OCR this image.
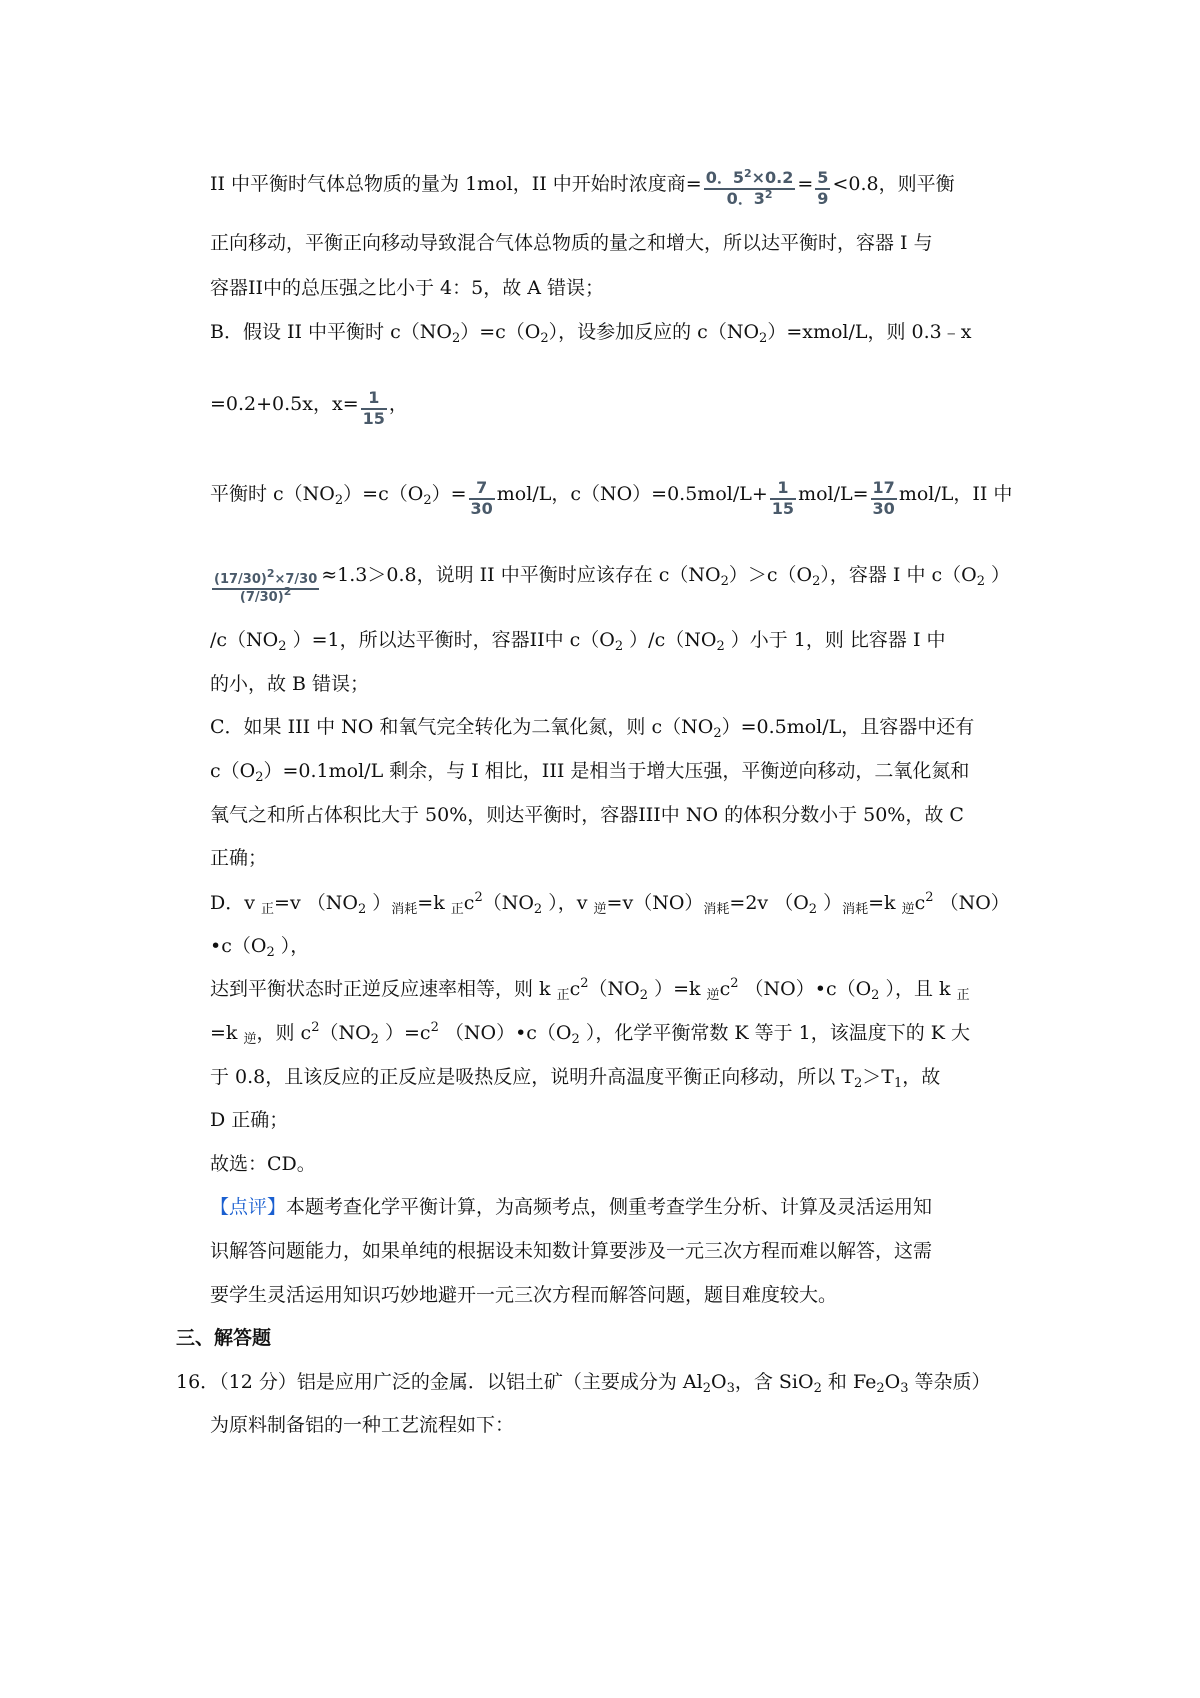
II 中平衡时气体总物质的量为 1mol，II 中开始时浓度商= $\frac{0.5^2\times 0.2}{0.3^2} = \frac{5}{9} <0.8$，则平衡
正向移动，平衡正向移动导致混合气体总物质的量之和增大，所以达平衡时，容器 I 与
容器II中的总压强之比小于 4：5，故 A 错误；
B．假设 II 中平衡时 $c(NO_2)=c(O_2)$，设参加反应的 $c(NO_2)=xmol/L$，则 0.3﹣x
=0.2+0.5x，$x= \frac{1}{15}$ ，
平衡时 $c(NO_2)=c(O_2)= \frac{7}{30} mol/L$，$c(NO)=0.5mol/L+ \frac{1}{15} mol/L= \frac{17}{30} mol/L$，II 中
$\frac{(17/30)^2\times 7/30}{(7/30)^2} \approx 1.3>0.8$，说明 II 中平衡时应该存在 $c(NO_2)>c(O_2)$，容器 I 中 $c(O_2$ ）
$/c(NO_2$ ）=1，所以达平衡时，容器II中 $c(O_2$ ）$/c(NO_2$ ）小于 1，则 比容器 I 中
的小，故 B 错误；
C．如果 III 中 NO 和氧气完全转化为二氧化氮，则 $c(NO_2)=0.5mol/L$，且容器中还有
$c(O_2)=0.1mol/L$ 剩余，与 I 相比，III 是相当于增大压强，平衡逆向移动，二氧化氮和
氧气之和所占体积比大于 50%，则达平衡时，容器III中 NO 的体积分数小于 50%，故 C
正确；
D．v $_正$=v （$NO_2$ ）$_{消耗}=k$ $_正c^2(NO_2$ ），v $_逆=v(NO)_{消耗}=2v$ （$O_2$ ）$_{消耗}=k$ $_逆c^2$ （NO）
$•c(O_2$ ），
达到平衡状态时正逆反应速率相等，则 k $_正c^2(NO_2$ ）=k $_逆c^2$ $(NO)•c(O_2$ ），且 k $_正$
=k $_逆$，则 $c^2(NO_2$ ）$=c^2$ $(NO)•c(O_2$ ），化学平衡常数 K 等于 1，该温度下的 K 大
于 0.8，且该反应的正反应是吸热反应，说明升高温度平衡正向移动，所以 $T_2>T_1$，故
D 正确；
故选：CD。
【点评】本题考查化学平衡计算，为高频考点，侧重考查学生分析、计算及灵活运用知
识解答问题能力，如果单纯的根据设未知数计算要涉及一元三次方程而难以解答，这需
要学生灵活运用知识巧妙地避开一元三次方程而解答问题，题目难度较大。
三、解答题
16．（12 分）铝是应用广泛的金属．以铝土矿（主要成分为 $Al_2O_3$，含 SiO$_2$ 和 $Fe_2O_3$ 等杂质）
为原料制备铝的一种工艺流程如下：
